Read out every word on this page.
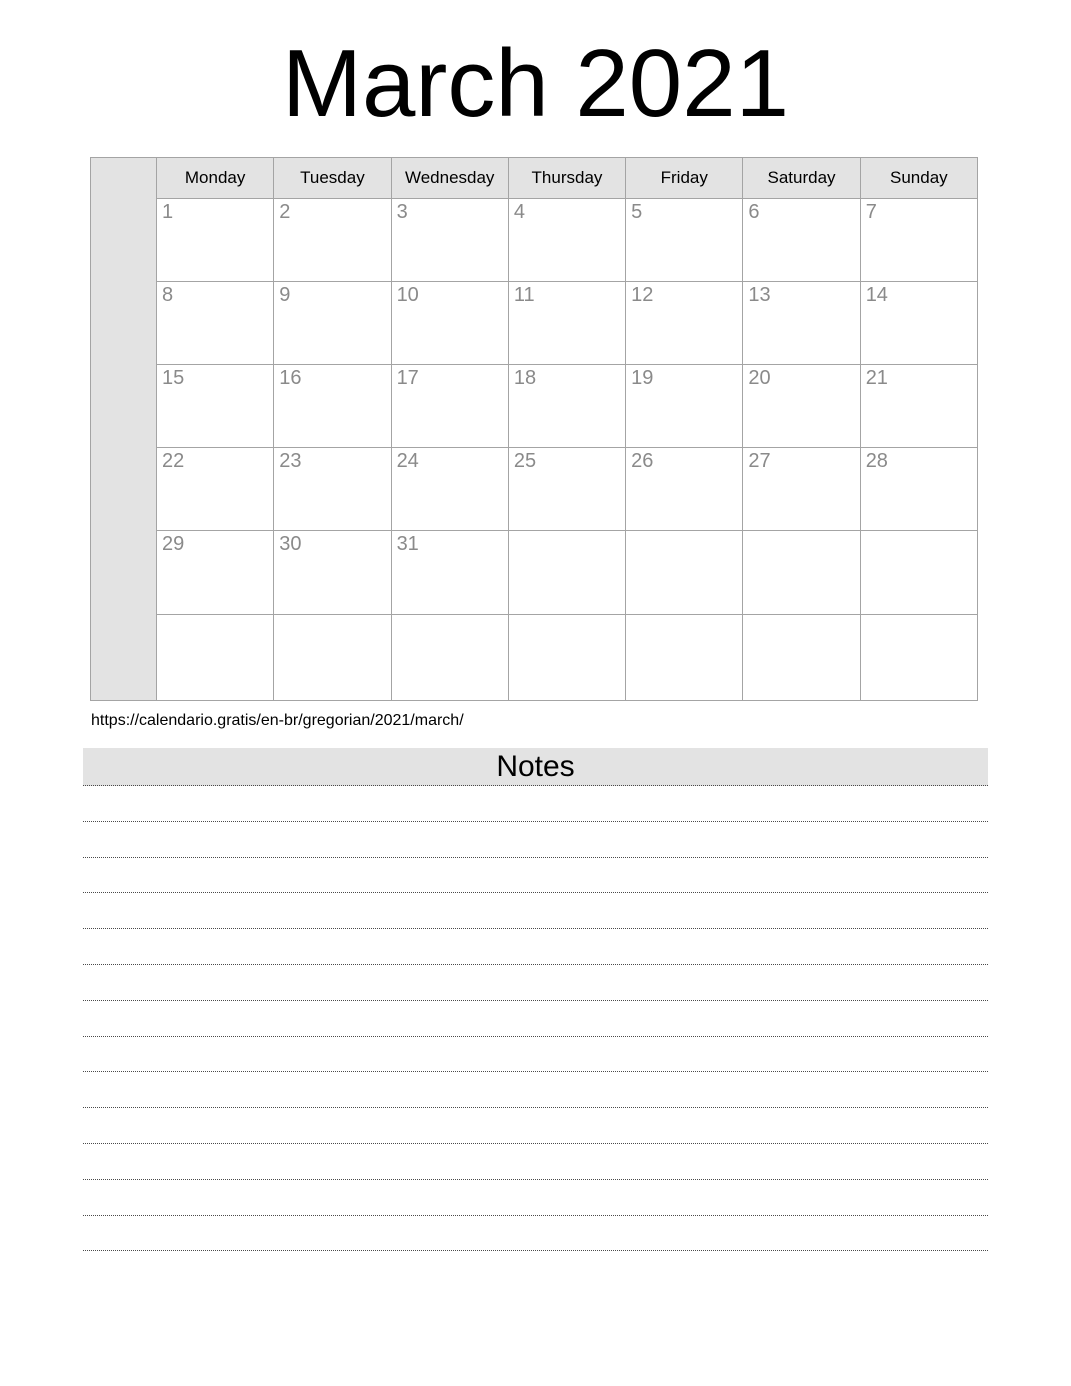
March 2021
	Monday	Tuesday	Wednesday	Thursday	Friday	Saturday	Sunday

	1	2	3	4	5	6	7

	8	9	10	11	12	13	14

	15	16	17	18	19	20	21

	22	23	24	25	26	27	28

	29	30	31				

https://calendario.gratis/en-br/gregorian/2021/march/
Notes
